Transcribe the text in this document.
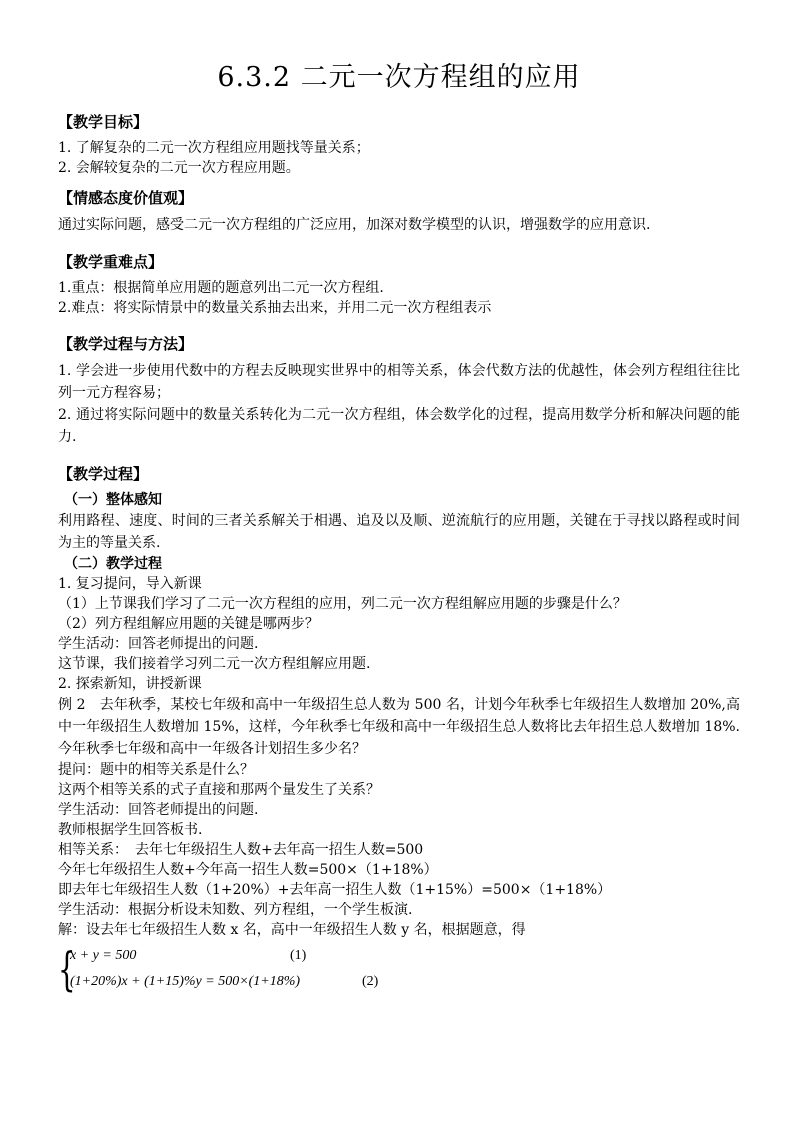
6.3.2 二元一次方程组的应用
【教学目标】

1. 了解复杂的二元一次方程组应用题找等量关系；

2. 会解较复杂的二元一次方程应用题。

【情感态度价值观】

通过实际问题，感受二元一次方程组的广泛应用，加深对数学模型的认识，增强数学的应用意识.

【教学重难点】

1.重点：根据简单应用题的题意列出二元一次方程组.

2.难点：将实际情景中的数量关系抽去出来，并用二元一次方程组表示

【教学过程与方法】

1. 学会进一步使用代数中的方程去反映现实世界中的相等关系，体会代数方法的优越性，体会列方程组往往比列一元方程容易；

2. 通过将实际问题中的数量关系转化为二元一次方程组，体会数学化的过程，提高用数学分析和解决问题的能力.

【教学过程】

（一）整体感知

利用路程、速度、时间的三者关系解关于相遇、追及以及顺、逆流航行的应用题，关键在于寻找以路程或时间为主的等量关系.

（二）教学过程

1. 复习提问，导入新课

（1）上节课我们学习了二元一次方程组的应用，列二元一次方程组解应用题的步骤是什么？

（2）列方程组解应用题的关键是哪两步？

学生活动：回答老师提出的问题.

这节课，我们接着学习列二元一次方程组解应用题.

2. 探索新知，讲授新课

例 2　去年秋季，某校七年级和高中一年级招生总人数为 500 名，计划今年秋季七年级招生人数增加 20%,高中一年级招生人数增加 15%，这样，今年秋季七年级和高中一年级招生总人数将比去年招生总人数增加 18%. 今年秋季七年级和高中一年级各计划招生多少名？

提问：题中的相等关系是什么？

这两个相等关系的式子直接和那两个量发生了关系？

学生活动：回答老师提出的问题.

教师根据学生回答板书.

相等关系：　去年七年级招生人数+去年高一招生人数=500

今年七年级招生人数+今年高一招生人数=500×（1+18%）

即去年七年级招生人数（1+20%）+去年高一招生人数（1+15%）=500×（1+18%）

学生活动：根据分析设未知数、列方程组，一个学生板演.

解：设去年七年级招生人数 x 名，高中一年级招生人数 y 名，根据题意，得

{
x + y = 500	(1)
(1+20%)x + (1+15)%y = 500×(1+18%)	(2)
